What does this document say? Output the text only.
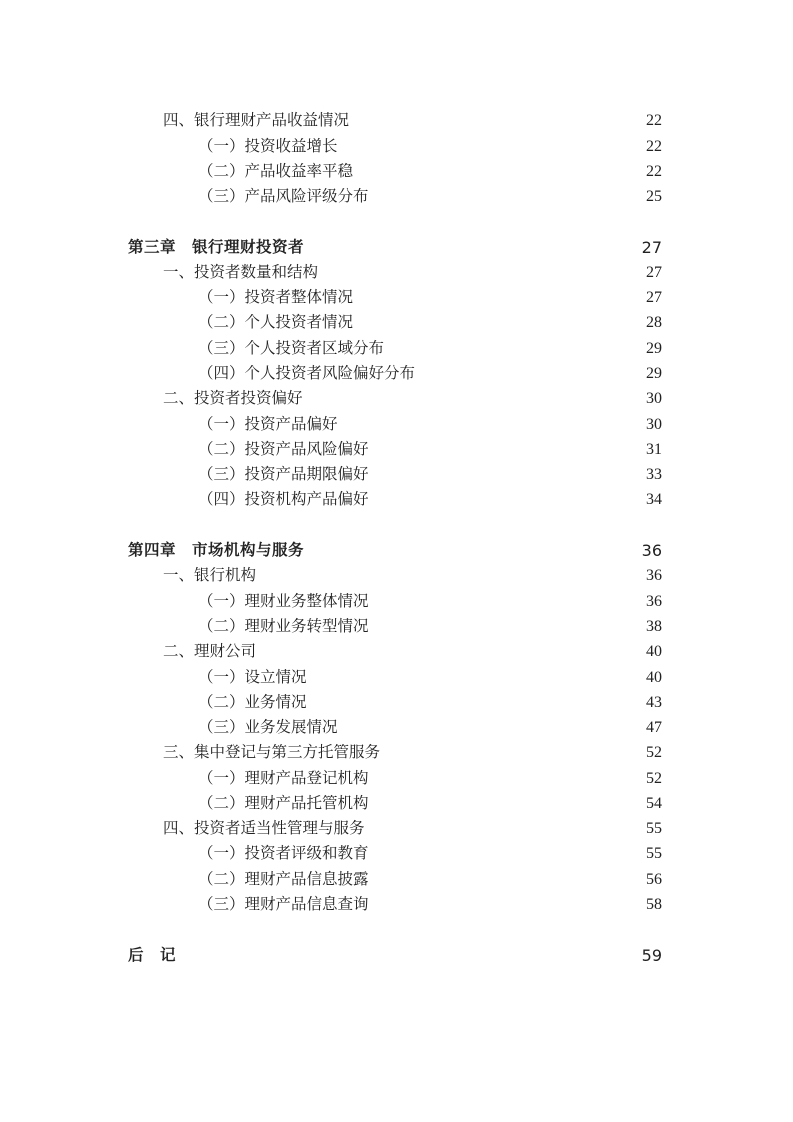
四、银行理财产品收益情况	22
（一）投资收益增长	22
（二）产品收益率平稳	22
（三）产品风险评级分布	25
第三章　银行理财投资者	27
一、投资者数量和结构	27
（一）投资者整体情况	27
（二）个人投资者情况	28
（三）个人投资者区域分布	29
（四）个人投资者风险偏好分布	29
二、投资者投资偏好	30
（一）投资产品偏好	30
（二）投资产品风险偏好	31
（三）投资产品期限偏好	33
（四）投资机构产品偏好	34
第四章　市场机构与服务	36
一、银行机构	36
（一）理财业务整体情况	36
（二）理财业务转型情况	38
二、理财公司	40
（一）设立情况	40
（二）业务情况	43
（三）业务发展情况	47
三、集中登记与第三方托管服务	52
（一）理财产品登记机构	52
（二）理财产品托管机构	54
四、投资者适当性管理与服务	55
（一）投资者评级和教育	55
（二）理财产品信息披露	56
（三）理财产品信息查询	58
后　记	59
